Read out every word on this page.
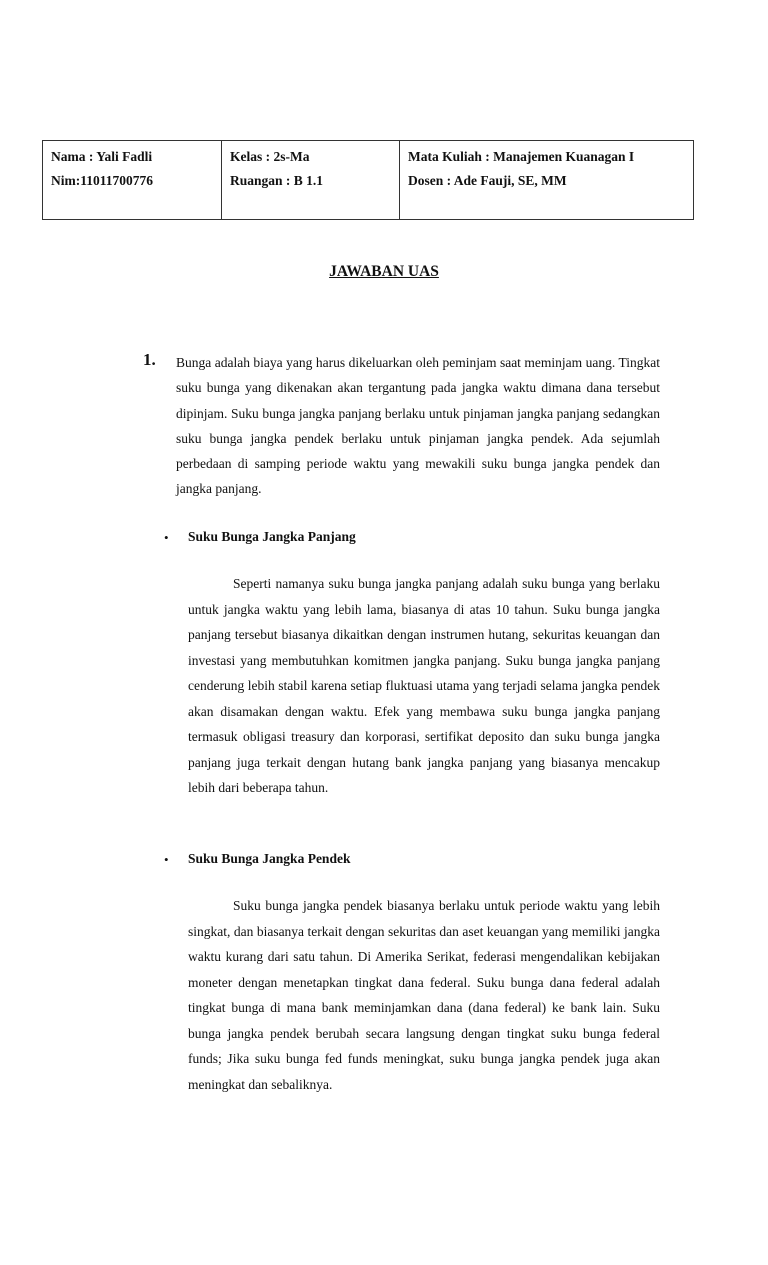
Nama : Yali Fadli
Nim:11011700776
Kelas : 2s-Ma
Ruangan : B 1.1
Mata Kuliah : Manajemen Kuanagan I
Dosen : Ade Fauji, SE, MM
JAWABAN UAS
1. Bunga adalah biaya yang harus dikeluarkan oleh peminjam saat meminjam uang. Tingkat suku bunga yang dikenakan akan tergantung pada jangka waktu dimana dana tersebut dipinjam. Suku bunga jangka panjang berlaku untuk pinjaman jangka panjang sedangkan suku bunga jangka pendek berlaku untuk pinjaman jangka pendek. Ada sejumlah perbedaan di samping periode waktu yang mewakili suku bunga jangka pendek dan jangka panjang.
• Suku Bunga Jangka Panjang
Seperti namanya suku bunga jangka panjang adalah suku bunga yang berlaku untuk jangka waktu yang lebih lama, biasanya di atas 10 tahun. Suku bunga jangka panjang tersebut biasanya dikaitkan dengan instrumen hutang, sekuritas keuangan dan investasi yang membutuhkan komitmen jangka panjang. Suku bunga jangka panjang cenderung lebih stabil karena setiap fluktuasi utama yang terjadi selama jangka pendek akan disamakan dengan waktu. Efek yang membawa suku bunga jangka panjang termasuk obligasi treasury dan korporasi, sertifikat deposito dan suku bunga jangka panjang juga terkait dengan hutang bank jangka panjang yang biasanya mencakup lebih dari beberapa tahun.
• Suku Bunga Jangka Pendek
Suku bunga jangka pendek biasanya berlaku untuk periode waktu yang lebih singkat, dan biasanya terkait dengan sekuritas dan aset keuangan yang memiliki jangka waktu kurang dari satu tahun. Di Amerika Serikat, federasi mengendalikan kebijakan moneter dengan menetapkan tingkat dana federal. Suku bunga dana federal adalah tingkat bunga di mana bank meminjamkan dana (dana federal) ke bank lain. Suku bunga jangka pendek berubah secara langsung dengan tingkat suku bunga federal funds; Jika suku bunga fed funds meningkat, suku bunga jangka pendek juga akan meningkat dan sebaliknya.
